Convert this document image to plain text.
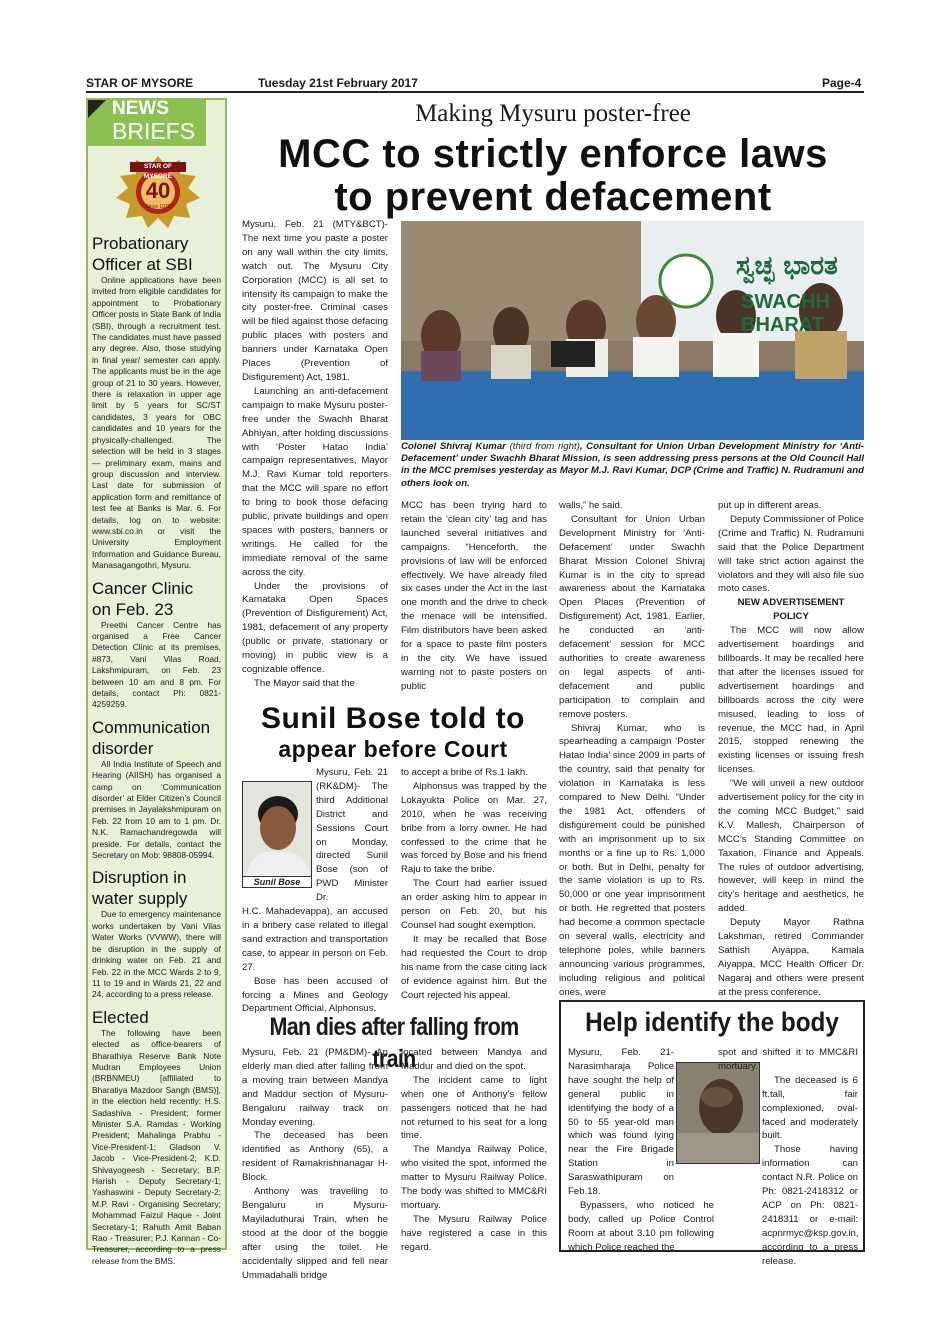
STAR OF MYSORE	Tuesday 21st February 2017	Page-4
NEWS
BRIEFS
STAR OF MYSORE
40
Since 1978
Probationary
Officer at SBI

Online applications have been invited from eligible candidates for appointment to Probationary Officer posts in State Bank of India (SBI), through a recruitment test. The candidates must have passed any degree. Also, those studying in final year/ semester can apply. The applicants must be in the age group of 21 to 30 years. However, there is relaxation in upper age limit by 5 years for SC/ST candidates, 3 years for OBC candidates and 10 years for the physically-challenged. The selection will be held in 3 stages — preliminary exam, mains and group discussion and interview. Last date for submission of application form and remittance of test fee at Banks is Mar. 6. For details, log on to website: www.sbi.co.in or visit the University Employment Information and Guidance Bureau, Manasagangothri, Mysuru.

Cancer Clinic
on Feb. 23

Preethi Cancer Centre has organised a Free Cancer Detection Clinic at its premises, #873, Vani Vilas Road, Lakshmipuram, on Feb. 23 between 10 am and 8 pm. For details, contact Ph: 0821- 4259259.

Communication
disorder

All India Institute of Speech and Hearing (AIISH) has organised a camp on ‘Communication disorder’ at Elder Citizen’s Council premises in Jayalakshmipuram on Feb. 22 from 10 am to 1 pm. Dr. N.K. Ramachandregowda will preside. For details, contact the Secretary on Mob: 98808-05994.

Disruption in
water supply

Due to emergency maintenance works undertaken by Vani Vilas Water Works (VVWW), there will be disruption in the supply of drinking water on Feb. 21 and Feb. 22 in the MCC Wards 2 to 9, 11 to 19 and in Wards 21, 22 and 24, according to a press release.

Elected

The following have been elected as office-bearers of Bharathiya Reserve Bank Note Mudran Employees Union (BRBNMEU) [affiliated to Bharatiya Mazdoor Sangh (BMS)], in the election held recently: H.S. Sadashiva - President; former Minister S.A. Ramdas - Working President; Mahalinga Prabhu - Vice-President-1; Gladson V. Jacob - Vice-President-2; K.D. Shivayogeesh - Secretary; B.P. Harish - Deputy Secretary-1; Yashaswini - Deputy Secretary-2; M.P. Ravi - Organising Secretary; Mohammad Faizul Haque - Joint Secretary-1; Rahuth Amit Baban Rao - Treasurer; P.J. Kannan - Co-Treasurer, according to a press release from the BMS.

Making Mysuru poster-free
MCC to strictly enforce laws
to prevent defacement

Mysuru, Feb. 21 (MTY&BCT)- The next time you paste a poster on any wall within the city limits, watch out. The Mysuru City Corporation (MCC) is all set to intensify its campaign to make the city poster-free. Criminal cases will be filed against those defacing public places with posters and banners under Karnataka Open Places (Prevention of Disfigurement) Act, 1981.

Launching an anti-defacement campaign to make Mysuru poster-free under the Swachh Bharat Abhiyan, after holding discussions with ‘Poster Hatao India’ campaign representatives, Mayor M.J. Ravi Kumar told reporters that the MCC will spare no effort to bring to book those defacing public, private buildings and open spaces with posters, banners or writings. He called for the immediate removal of the same across the city.

Under the provisions of Karnataka Open Spaces (Prevention of Disfigurement) Act, 1981, defacement of any property (public or private, stationary or moving) in public view is a cognizable offence.

The Mayor said that the

ಸ್ವಚ್ಛ ಭಾರತ
SWACHH BHARAT
Colonel Shivraj Kumar (third from right), Consultant for Union Urban Development Ministry for ‘Anti-Defacement’ under Swachh Bharat Mission, is seen addressing press persons at the Old Council Hall in the MCC premises yesterday as Mayor M.J. Ravi Kumar, DCP (Crime and Traffic) N. Rudramuni and others look on.

MCC has been trying hard to retain the ‘clean city’ tag and has launched several initiatives and campaigns. “Henceforth, the provisions of law will be enforced effectively. We have already filed six cases under the Act in the last one month and the drive to check the menace will be intensified. Film distributors have been asked for a space to paste film posters in the city. We have issued warning not to paste posters on public

walls,” he said.

Consultant for Union Urban Development Ministry for ‘Anti-Defacement’ under Swachh Bharat Mission Colonel Shivraj Kumar is in the city to spread awareness about the Karnataka Open Places (Prevention of Disfigurement) Act, 1981. Earlier, he conducted an ‘anti-defacement’ session for MCC authorities to create awareness on legal aspects of anti-defacement and public participation to complain and remove posters.

Shivraj Kumar, who is spearheading a campaign ‘Poster Hatao India’ since 2009 in parts of the country, said that penalty for violation in Karnataka is less compared to New Delhi. “Under the 1981 Act, offenders of disfigurement could be punished with an imprisonment up to six months or a fine up to Rs. 1,000 or both. But in Delhi, penalty for the same violation is up to Rs. 50,000 or one year imprisonment or both. He regretted that posters had become a common spectacle on several walls, electricity and telephone poles, while banners announcing various programmes, including religious and political ones, were

put up in different areas.

Deputy Commissioner of Police (Crime and Traffic) N. Rudramuni said that the Police Department will take strict action against the violators and they will also file suo moto cases.

NEW ADVERTISEMENT

POLICY

The MCC will now allow advertisement hoardings and billboards. It may be recalled here that after the licenses issued for advertisement hoardings and billboards across the city were misused, leading to loss of revenue, the MCC had, in April 2015, stopped renewing the existing licenses or issuing fresh licenses.

“We will unveil a new outdoor advertisement policy for the city in the coming MCC Budget,” said K.V. Mallesh, Chairperson of MCC’s Standing Committee on Taxation, Finance and Appeals. The rules of outdoor advertising, however, will keep in mind the city’s heritage and aesthetics, he added.

Deputy Mayor Rathna Lakshman, retired Commander Sathish Aiyappa, Kamala Aiyappa, MCC Health Officer Dr. Nagaraj and others were present at the press conference.

Sunil Bose told to
appear before Court
Sunil Bose

Mysuru, Feb. 21 (RK&DM)- The third Additional District and Sessions Court on Monday, directed Sunil Bose (son of PWD Minister Dr.

H.C. Mahadevappa), an accused in a bribery case related to illegal sand extraction and transportation case, to appear in person on Feb. 27.

Bose has been accused of forcing a Mines and Geology Department Official, Alphonsus,

to accept a bribe of Rs.1 lakh.

Alphonsus was trapped by the Lokayukta Police on Mar. 27, 2010, when he was receiving bribe from a lorry owner. He had confessed to the crime that he was forced by Bose and his friend Raju to take the bribe.

The Court had earlier issued an order asking him to appear in person on Feb. 20, but his Counsel had sought exemption.

It may be recalled that Bose had requested the Court to drop his name from the case citing lack of evidence against him. But the Court rejected his appeal.

Man dies after falling from train

Mysuru, Feb. 21 (PM&DM)- An elderly man died after falling from a moving train between Mandya and Maddur section of Mysuru- Bengaluru railway track on Monday evening.

The deceased has been identified as Anthony (65), a resident of Ramakrishnanagar H-Block.

Anthony was travelling to Bengaluru in Mysuru-Mayiladuthurai Train, when he stood at the door of the boggie after using the toilet. He accidentally slipped and fell near Ummadahalli bridge

located between Mandya and Maddur and died on the spot.

The incident came to light when one of Anthony’s fellow passengers noticed that he had not returned to his seat for a long time.

The Mandya Railway Police, who visited the spot, informed the matter to Mysuru Railway Police. The body was shifted to MMC&RI mortuary.

The Mysuru Railway Police have registered a case in this regard.

Help identify the body

Mysuru, Feb. 21- Narasimharaja Police have sought the help of general public in identifying the body of a 50 to 55 year-old man which was found lying near the Fire Brigade Station in Saraswathipuram on Feb.18.

Bypassers, who noticed he body, called up Police Control Room at about 3.10 pm following which Police reached the

spot and shifted it to MMC&RI mortuary.

The deceased is 6 ft.tall, fair complexioned, oval-faced and moderately built.

Those having information can contact N.R. Police on Ph: 0821-2418312 or ACP on Ph: 0821-2418311 or e-mail: acpnrmyc@ksp.gov.in, according to a press release.
